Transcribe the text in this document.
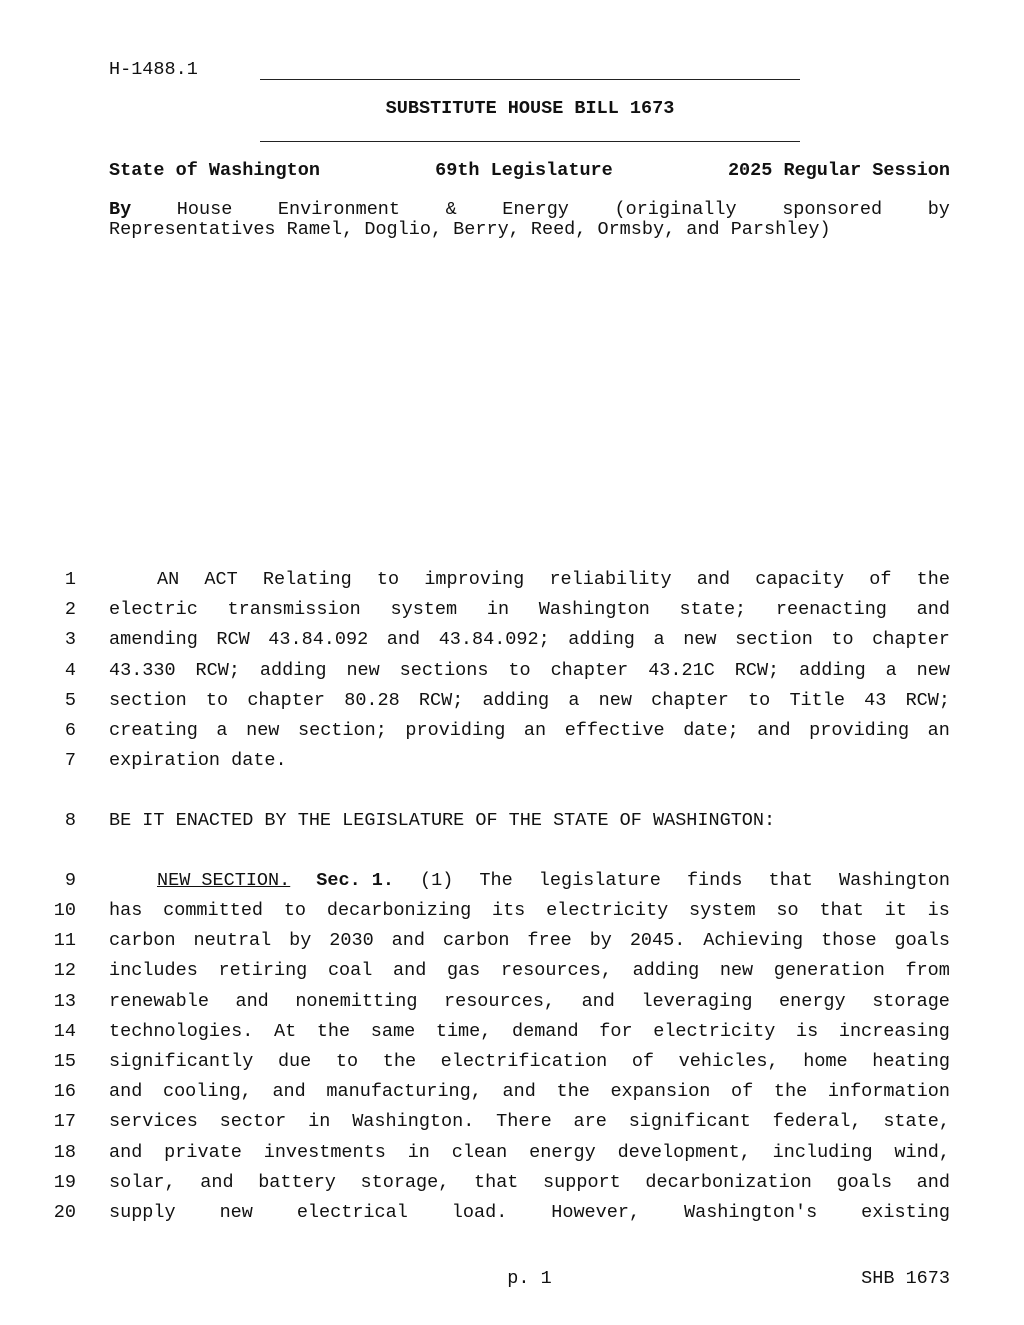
H-1488.1
SUBSTITUTE HOUSE BILL 1673
State of Washington	69th Legislature	2025 Regular Session
By House Environment & Energy (originally sponsored by
Representatives Ramel, Doglio, Berry, Reed, Ormsby, and Parshley)
1	AN ACT Relating to improving reliability and capacity of the
2 electric transmission system in Washington state; reenacting and
3 amending RCW 43.84.092 and 43.84.092; adding a new section to chapter
4 43.330 RCW; adding new sections to chapter 43.21C RCW; adding a new
5 section to chapter 80.28 RCW; adding a new chapter to Title 43 RCW;
6 creating a new section; providing an effective date; and providing an
7 expiration date.
8 BE IT ENACTED BY THE LEGISLATURE OF THE STATE OF WASHINGTON:
9	NEW SECTION. Sec. 1. (1) The legislature finds that Washington
10 has committed to decarbonizing its electricity system so that it is
11 carbon neutral by 2030 and carbon free by 2045. Achieving those goals
12 includes retiring coal and gas resources, adding new generation from
13 renewable and nonemitting resources, and leveraging energy storage
14 technologies. At the same time, demand for electricity is increasing
15 significantly due to the electrification of vehicles, home heating
16 and cooling, and manufacturing, and the expansion of the information
17 services sector in Washington. There are significant federal, state,
18 and private investments in clean energy development, including wind,
19 solar, and battery storage, that support decarbonization goals and
20 supply new electrical load. However, Washington's existing
p. 1	SHB 1673
